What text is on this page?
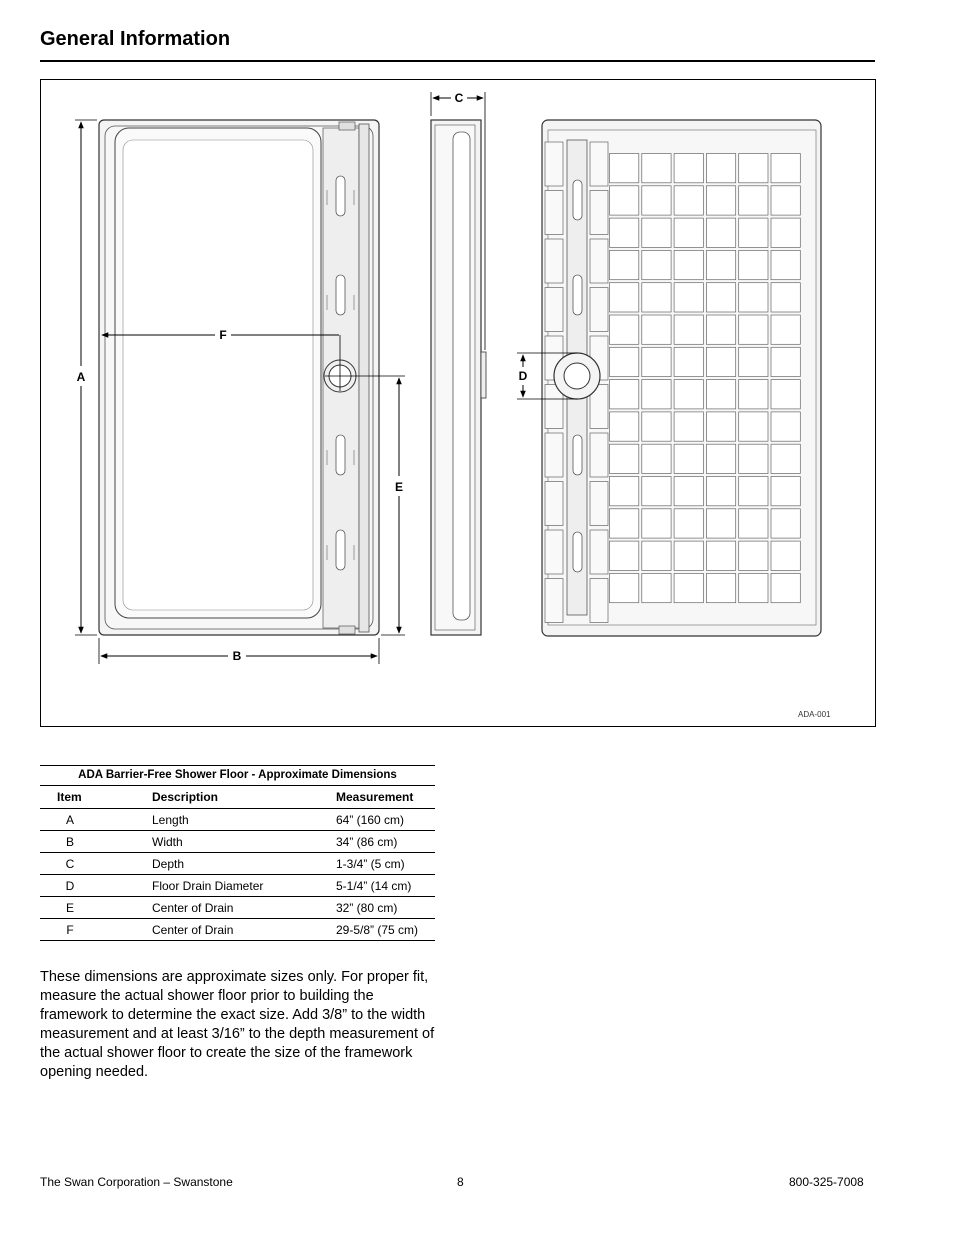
General Information
A
B
F
E
C
D
ADA-001
ADA Barrier-Free Shower Floor - Approximate Dimensions
Item	Description	Measurement
A	Length	64” (160 cm)
B	Width	34” (86 cm)
C	Depth	1-3/4” (5 cm)
D	Floor Drain Diameter	5-1/4” (14 cm)
E	Center of Drain	32” (80 cm)
F	Center of Drain	29-5/8” (75 cm)

These dimensions are approximate sizes only. For proper fit, measure the actual shower floor prior to building the framework to determine the exact size. Add 3/8” to the width measurement and at least 3/16” to the depth measurement of the actual shower floor to create the size of the framework opening needed.

The Swan Corporation – Swanstone	8	800-325-7008
